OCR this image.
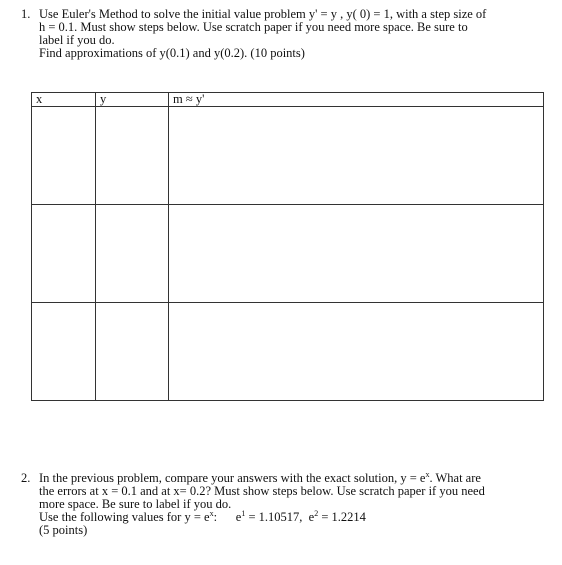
1. Use Euler's Method to solve the initial value problem y' = y , y( 0) = 1, with a step size of
h = 0.1. Must show steps below. Use scratch paper if you need more space. Be sure to
label if you do.
Find approximations of y(0.1) and y(0.2). (10 points)
x	y	m ≈ y'

2. In the previous problem, compare your answers with the exact solution, $y = e^x$. What are
the errors at x = 0.1 and at x= 0.2? Must show steps below. Use scratch paper if you need
more space. Be sure to label if you do.
Use the following values for $y = e^x$: $e^1 = 1.10517$, $e^2 = 1.2214$
(5 points)
